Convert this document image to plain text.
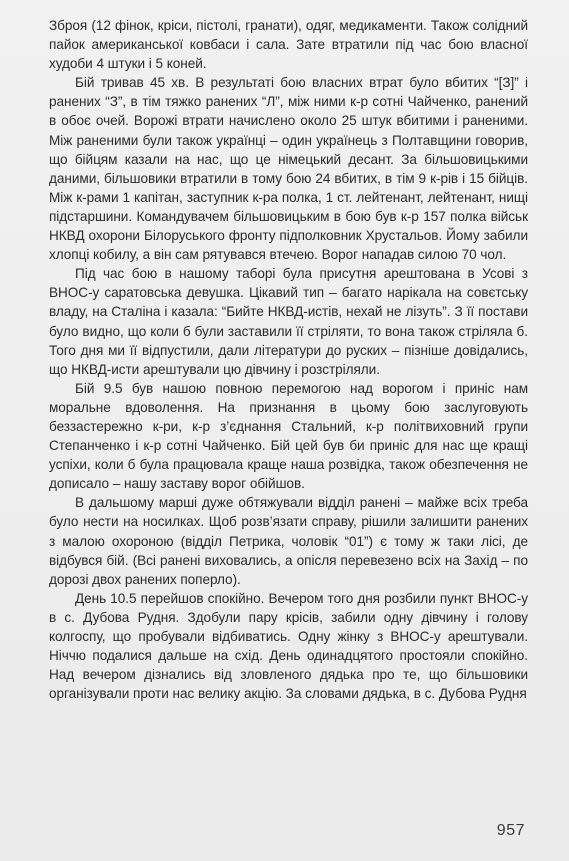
Зброя (12 фінок, кріси, пістолі, гранати), одяг, медикаменти. Також солідний пайок американської ковбаси і сала. Зате втратили під час бою власної худоби 4 штуки і 5 коней.

Бій тривав 45 хв. В результаті бою власних втрат було вбитих “[З]” і ранених “З”, в тім тяжко ранених “Л”, між ними к-р сотні Чайченко, ранений в обоє очей. Ворожі втрати начислено около 25 штук вбитими і раненими. Між раненими були також українці – один українець з Полтавщини говорив, що бійцям казали на нас, що це німецький десант. За більшовицькими даними, більшовики втратили в тому бою 24 вбитих, в тім 9 к-рів і 15 бійців. Між к-рами 1 капітан, заступник к-ра полка, 1 ст. лейтенант, лейтенант, нищі підстаршини. Командувачем більшовицьким в бою був к-р 157 полка військ НКВД охорони Білоруського фронту підполковник Хрустальов. Йому забили хлопці кобилу, а він сам рятувався втечею. Ворог нападав силою 70 чол.

Під час бою в нашому таборі була присутня арештована в Усові з ВНОС-у саратовська девушка. Цікавий тип – багато нарікала на совєтську владу, на Сталіна і казала: “Бийте НКВД-истів, нехай не лізуть”. З її постави було видно, що коли б були заставили її стріляти, то вона також стріляла б. Того дня ми її відпустили, дали літератури до руских – пізніше довідались, що НКВД-исти арештували цю дівчину і розстріляли.

Бій 9.5 був нашою повною перемогою над ворогом і приніс нам моральне вдоволення. На признання в цьому бою заслуговують беззастережно к-ри, к-р з’єднання Стальний, к-р політвиховний групи Степанченко і к-р сотні Чайченко. Бій цей був би приніс для нас ще кращі успіхи, коли б була працювала краще наша розвідка, також обезпечення не дописало – нашу заставу ворог обійшов.

В дальшому марші дуже обтяжували відділ ранені – майже всіх треба було нести на носилках. Щоб розв’язати справу, рішили залишити ранених з малою охороною (відділ Петрика, чоловік “01”) є тому ж таки лісі, де відбувся бій. (Всі ранені виховались, а опісля перевезено всіх на Захід – по дорозі двох ранених поперло).

День 10.5 перейшов спокійно. Вечером того дня розбили пункт ВНОС-у в с. Дубова Рудня. Здобули пару крісів, забили одну дівчину і голову колгоспу, що пробували відбиватись. Одну жінку з ВНОС-у арештували. Ніччю подалися дальше на схід. День одинадцятого простояли спокійно. Над вечером дізнались від зловленого дядька про те, що більшовики організували проти нас велику акцію. За словами дядька, в с. Дубова Рудня

957
